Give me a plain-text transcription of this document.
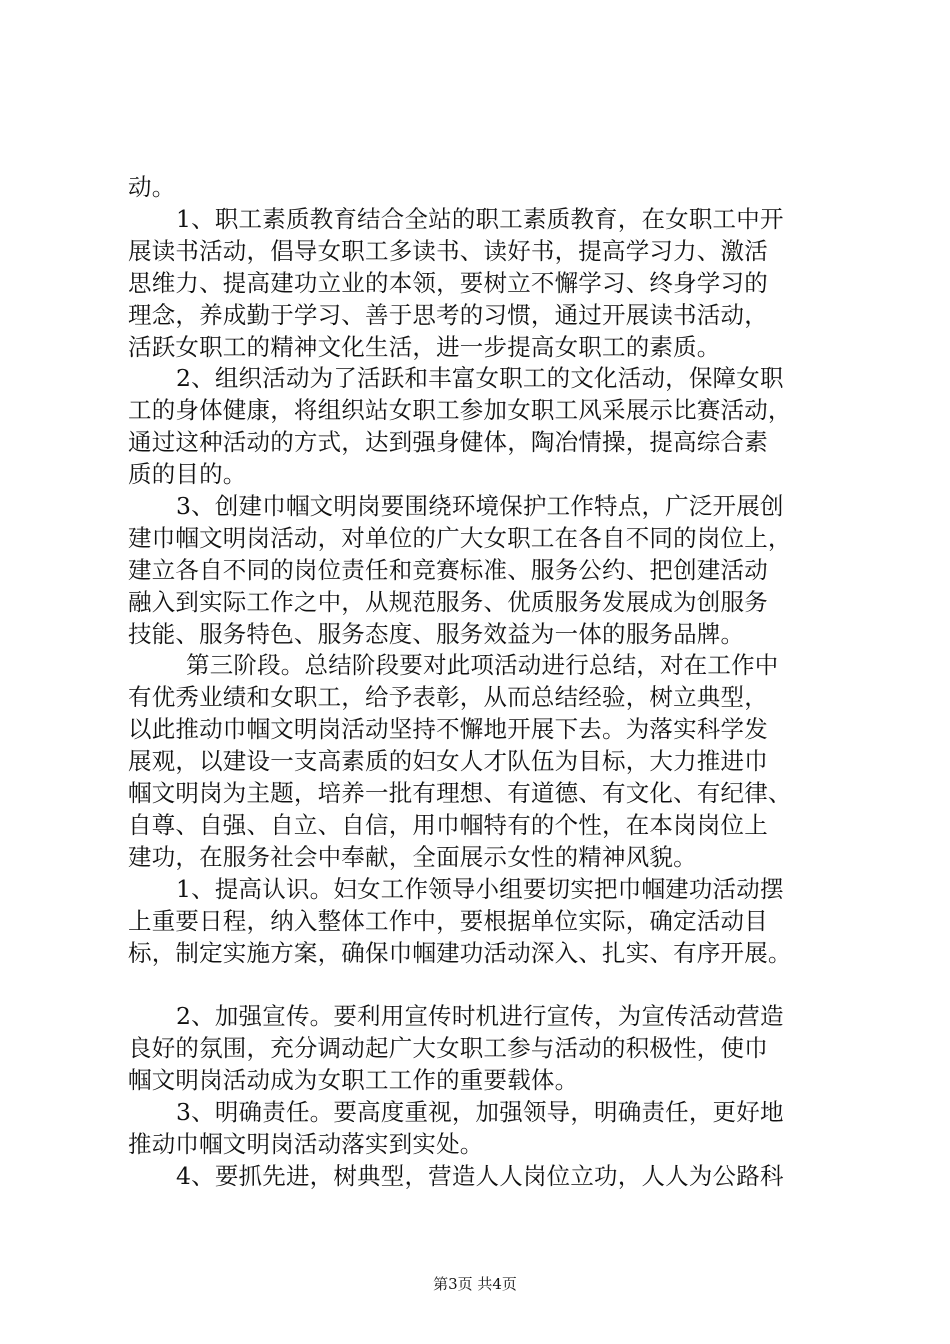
动。
1、职工素质教育结合全站的职工素质教育，在女职工中开
展读书活动，倡导女职工多读书、读好书，提高学习力、激活
思维力、提高建功立业的本领，要树立不懈学习、终身学习的
理念，养成勤于学习、善于思考的习惯，通过开展读书活动，
活跃女职工的精神文化生活，进一步提高女职工的素质。
2、组织活动为了活跃和丰富女职工的文化活动，保障女职
工的身体健康，将组织站女职工参加女职工风采展示比赛活动，
通过这种活动的方式，达到强身健体，陶冶情操，提高综合素
质的目的。
3、创建巾帼文明岗要围绕环境保护工作特点，广泛开展创
建巾帼文明岗活动，对单位的广大女职工在各自不同的岗位上，
建立各自不同的岗位责任和竞赛标准、服务公约、把创建活动
融入到实际工作之中，从规范服务、优质服务发展成为创服务
技能、服务特色、服务态度、服务效益为一体的服务品牌。
第三阶段。总结阶段要对此项活动进行总结，对在工作中
有优秀业绩和女职工，给予表彰，从而总结经验，树立典型，
以此推动巾帼文明岗活动坚持不懈地开展下去。为落实科学发
展观，以建设一支高素质的妇女人才队伍为目标，大力推进巾
帼文明岗为主题，培养一批有理想、有道德、有文化、有纪律、
自尊、自强、自立、自信，用巾帼特有的个性，在本岗岗位上
建功，在服务社会中奉献，全面展示女性的精神风貌。
1、提高认识。妇女工作领导小组要切实把巾帼建功活动摆
上重要日程，纳入整体工作中，要根据单位实际，确定活动目
标，制定实施方案，确保巾帼建功活动深入、扎实、有序开展。
2、加强宣传。要利用宣传时机进行宣传，为宣传活动营造
良好的氛围，充分调动起广大女职工参与活动的积极性，使巾
帼文明岗活动成为女职工工作的重要载体。
3、明确责任。要高度重视，加强领导，明确责任，更好地
推动巾帼文明岗活动落实到实处。
4、要抓先进，树典型，营造人人岗位立功，人人为公路科
第3页 共4页
